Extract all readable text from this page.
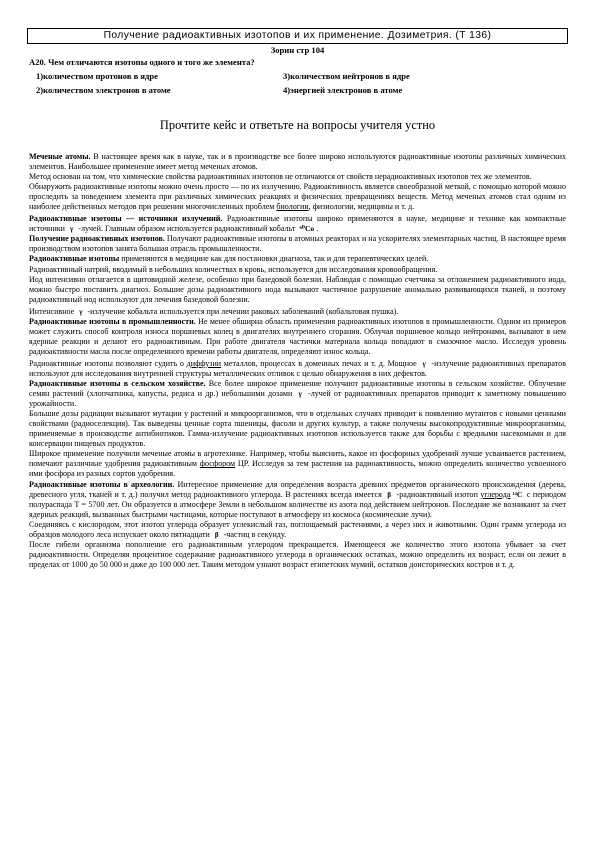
Получение радиоактивных изотопов и их применение. Дозиметрия. (Т 136)
Зорин стр 104
А20. Чем отличаются изотопы одного и того же элемента?
1)количеством протонов в ядре	3)количеством нейтронов в ядре
2)количеством электронов в атоме	4)энергией электронов в атоме
Прочтите кейс и ответьте на вопросы учителя устно

Меченые атомы. В настоящее время как в науке, так и в производстве все более широко используются радиоактивные изотопы различных химических элементов. Наибольшее применение имеет метод меченых атомов.

Метод основан на том, что химические свойства радиоактивных изотопов не отличаются от свойств нерадиоактивных изотопов тех же элементов.

Обнаружить радиоактивные изотопы можно очень просто — по их излучению. Радиоактивность является своеобразной меткой, с помощью которой можно проследить за поведением элемента при различных химических реакциях и физических превращениях веществ. Метод меченых атомов стал одним из наиболее действенных методов при решении многочисленных проблем биологии, физиологии, медицины и т. д.

Радиоактивные изотопы — источники излучений. Радиоактивные изотопы широко применяются в науке, медицине и технике как компактные источники γ -лучей. Главным образом используется радиоактивный кобальт ⁶⁰Co .

Получение радиоактивных изотопов. Получают радиоактивные изотопы в атомных реакторах и на ускорителях элементарных частиц. В настоящее время производством изотопов занята большая отрасль промышленности.

Радиоактивные изотопы применяются в медицине как для постановки диагноза, так и для терапевтических целей.

Радиоактивный натрий, вводимый в небольших количествах в кровь, используется для исследования кровообращения.

Иод интенсивно отлагается в щитовидной железе, особенно при базедовой болезни. Наблюдая с помощью счетчика за отложением радиоактивного иода, можно быстро поставить диагноз. Большие дозы радиоактивного иода вызывают частичное разрушение аномально развивающихся тканей, и поэтому радиоактивный иод используют для лечения базедовой болезни.

Интенсивное γ -излучение кобальта используется при лечении раковых заболеваний (кобальтовая пушка).

Радиоактивные изотопы в промышленности. Не менее обширна область применения радиоактивных изотопов в промышленности. Одним из примеров может служить способ контроля износа поршневых колец в двигателях внутреннего сгорания. Облучая поршневое кольцо нейтронами, вызывают в нем ядерные реакции и делают его радиоактивным. При работе двигателя частички материала кольца попадают в смазочное масло. Исследуя уровень радиоактивности масла после определенного времени работы двигателя, определяют износ кольца.

Радиоактивные изотопы позволяют судить о диффузии металлов, процессах в доменных печах и т. д. Мощное γ -излучение радиоактивных препаратов используют для исследования внутренней структуры металлических отливок с целью обнаружения в них дефектов.

Радиоактивные изотопы в сельском хозяйстве. Все более широкое применение получают радиоактивные изотопы в сельском хозяйстве. Облучение семян растений (хлопчатника, капусты, редиса и др.) небольшими дозами γ -лучей от радиоактивных препаратов приводит к заметному повышению урожайности.

Большие дозы радиации вызывают мутации у растений и микроорганизмов, что в отдельных случаях приводит к появлению мутантов с новыми ценными свойствами (радиоселекция). Так выведены ценные сорта пшеницы, фасоли и других культур, а также получены высокопродуктивные микроорганизмы, применяемые в производстве антибиотиков. Гамма-излучение радиоактивных изотопов используется также для борьбы с вредными насекомыми и для консервации пищевых продуктов.

Широкое применение получили меченые атомы в агротехнике. Например, чтобы выяснить, какое из фосфорных удобрений лучше усваивается растением, помечают различные удобрения радиоактивным фосфором ЦР. Исследуя за тем растения на радиоактивность, можно определить количество усвоенного ими фосфора из разных сортов удобрения.

Радиоактивные изотопы в археологии. Интересное применение для определения возраста древних предметов органического происхождения (дерева, древесного угля, тканей и т. д.) получил метод радиоактивного углерода. В растениях всегда имеется β -радиоактивный изотоп углерода ¹⁴C с периодом полураспада T = 5700 лет. Он образуется в атмосфере Земли в небольшом количестве из азота под действием нейтронов. Последние же возникают за счет ядерных реакций, вызванных быстрыми частицами, которые поступают в атмосферу из космоса (космические лучи).

Соединяясь с кислородом, этот изотоп углерода образует углекислый газ, поглощаемый растениями, а через них и животными. Один грамм углерода из образцов молодого леса испускает около пятнадцати β -частиц в секунду.

После гибели организма пополнение его радиоактивным углеродом прекращается. Имеющееся же количество этого изотопа убывает за счет радиоактивности. Определяя процентное содержание радиоактивного углерода в органических остатках, можно определить их возраст, если он лежит в пределах от 1000 до 50 000 и даже до 100 000 лет. Таким методом узнают возраст египетских мумий, остатков доисторических костров и т. д.
